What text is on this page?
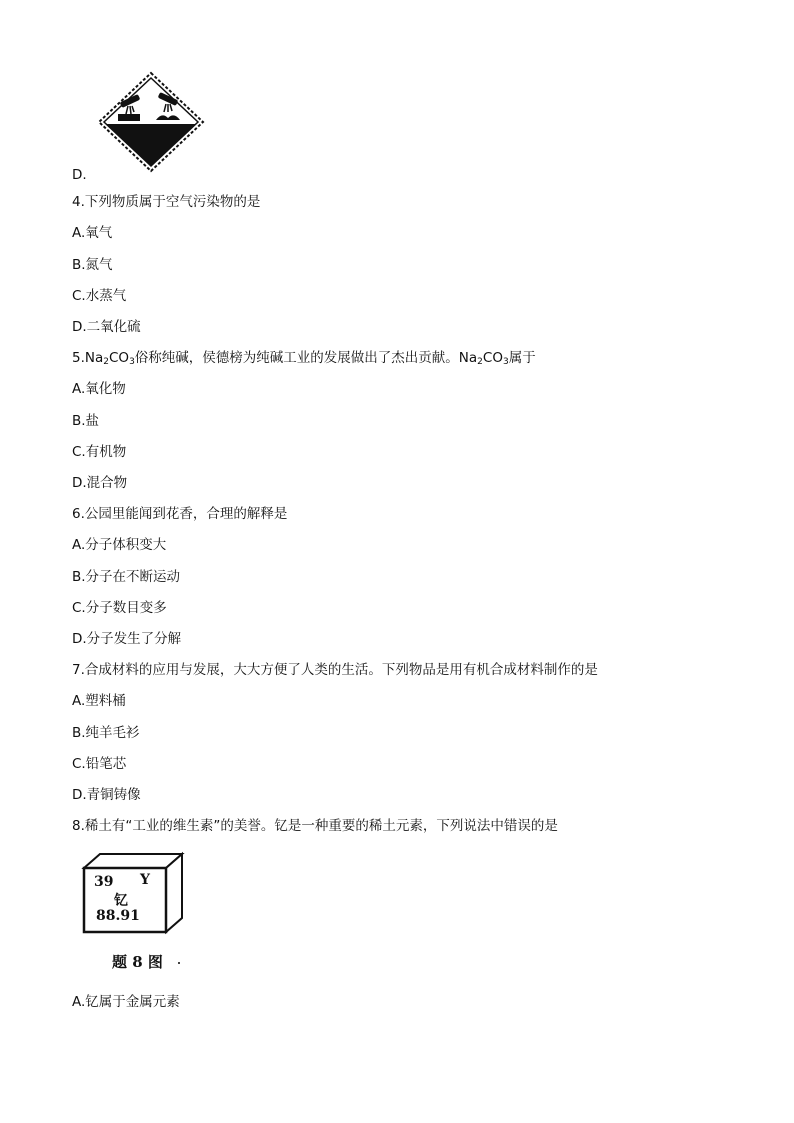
D.
4.下列物质属于空气污染物的是
A.氧气
B.氮气
C.水蒸气
D.二氧化硫
$5.Na_2CO_3$俗称纯碱，侯德榜为纯碱工业的发展做出了杰出贡献。$Na_2CO_3$属于
A.氧化物
B.盐
C.有机物
D.混合物
6.公园里能闻到花香，合理的解释是
A.分子体积变大
B.分子在不断运动
C.分子数目变多
D.分子发生了分解
7.合成材料的应用与发展，大大方便了人类的生活。下列物品是用有机合成材料制作的是
A.塑料桶
B.纯羊毛衫
C.铅笔芯
D.青铜铸像
8.稀土有“工业的维生素”的美誉。钇是一种重要的稀土元素，下列说法中错误的是
39 Y
钇
88.91
题 8 图
A.钇属于金属元素
